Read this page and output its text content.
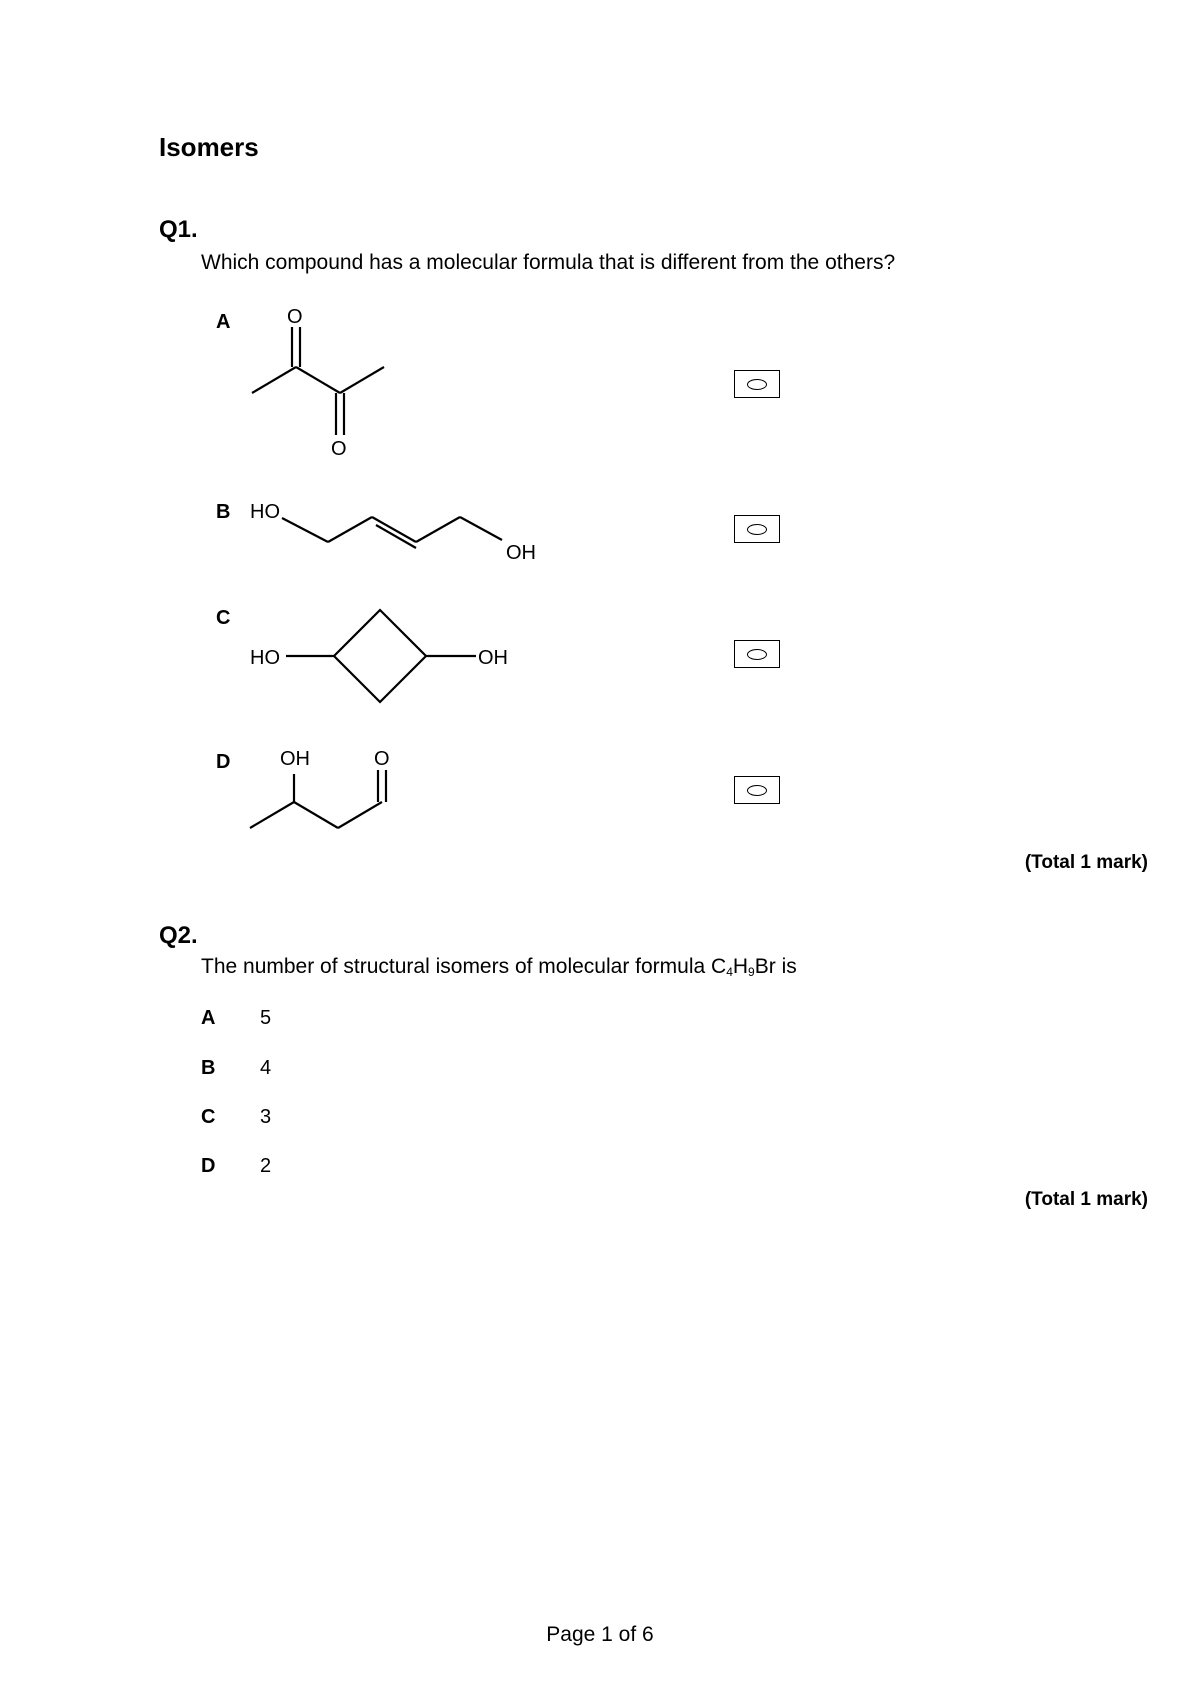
Isomers
Q1.
Which compound has a molecular formula that is different from the others?
A	O
O
B HO
OH
C
HO	OH
D OH	O
(Total 1 mark)
Q2.
The number of structural isomers of molecular formula $C_4H_9Br$ is
A 5
B 4
C 3
D 2
(Total 1 mark)
Page 1 of 6
